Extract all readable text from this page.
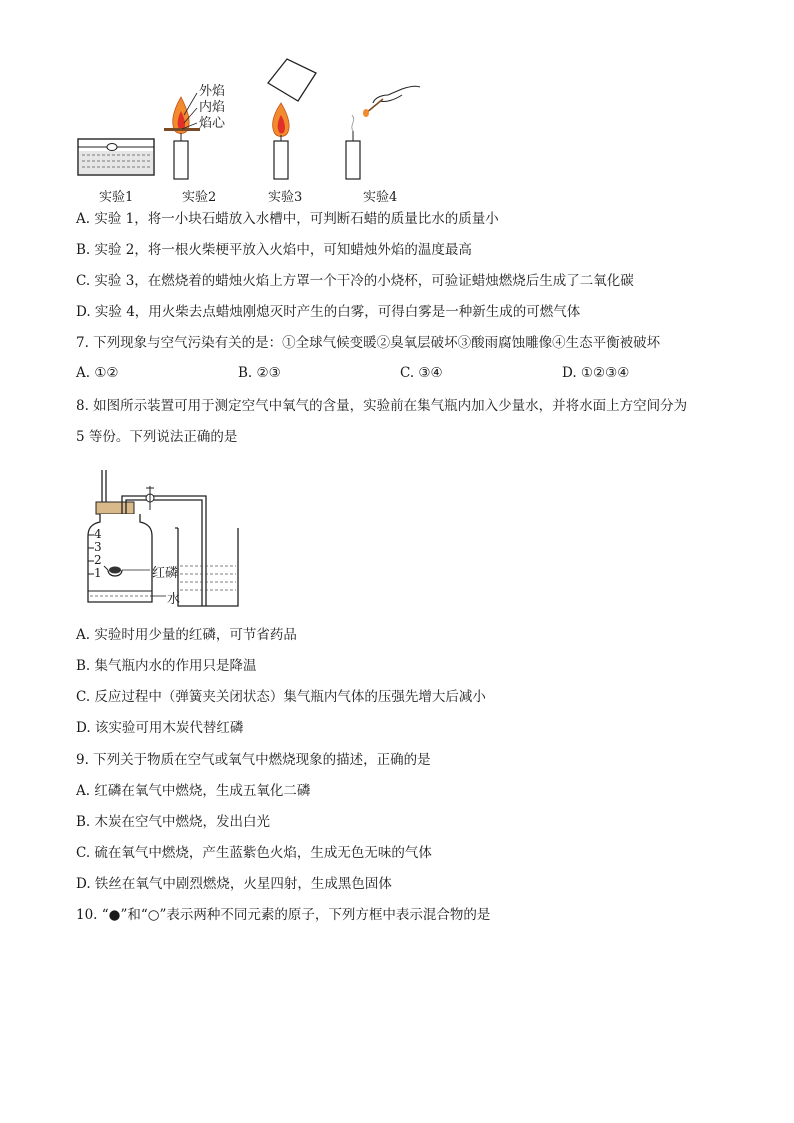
外焰
内焰
焰心
实验1	实验2	实验3	实验4
A. 实验 1，将一小块石蜡放入水槽中，可判断石蜡的质量比水的质量小
B. 实验 2，将一根火柴梗平放入火焰中，可知蜡烛外焰的温度最高
C. 实验 3，在燃烧着的蜡烛火焰上方罩一个干冷的小烧杯，可验证蜡烛燃烧后生成了二氧化碳
D. 实验 4，用火柴去点蜡烛刚熄灭时产生的白雾，可得白雾是一种新生成的可燃气体
7. 下列现象与空气污染有关的是：①全球气候变暖②臭氧层破坏③酸雨腐蚀雕像④生态平衡被破坏
A. ①②	B. ②③	C. ③④	D. ①②③④
8. 如图所示装置可用于测定空气中氧气的含量，实验前在集气瓶内加入少量水，并将水面上方空间分为
5 等份。下列说法正确的是
4
3
2
1	红磷
水
A. 实验时用少量的红磷，可节省药品
B. 集气瓶内水的作用只是降温
C. 反应过程中（弹簧夹关闭状态）集气瓶内气体的压强先增大后减小
D. 该实验可用木炭代替红磷
9. 下列关于物质在空气或氧气中燃烧现象的描述，正确的是
A. 红磷在氧气中燃烧，生成五氧化二磷
B. 木炭在空气中燃烧，发出白光
C. 硫在氧气中燃烧，产生蓝紫色火焰，生成无色无味的气体
D. 铁丝在氧气中剧烈燃烧，火星四射，生成黑色固体
10. “●”和“○”表示两种不同元素的原子，下列方框中表示混合物的是
